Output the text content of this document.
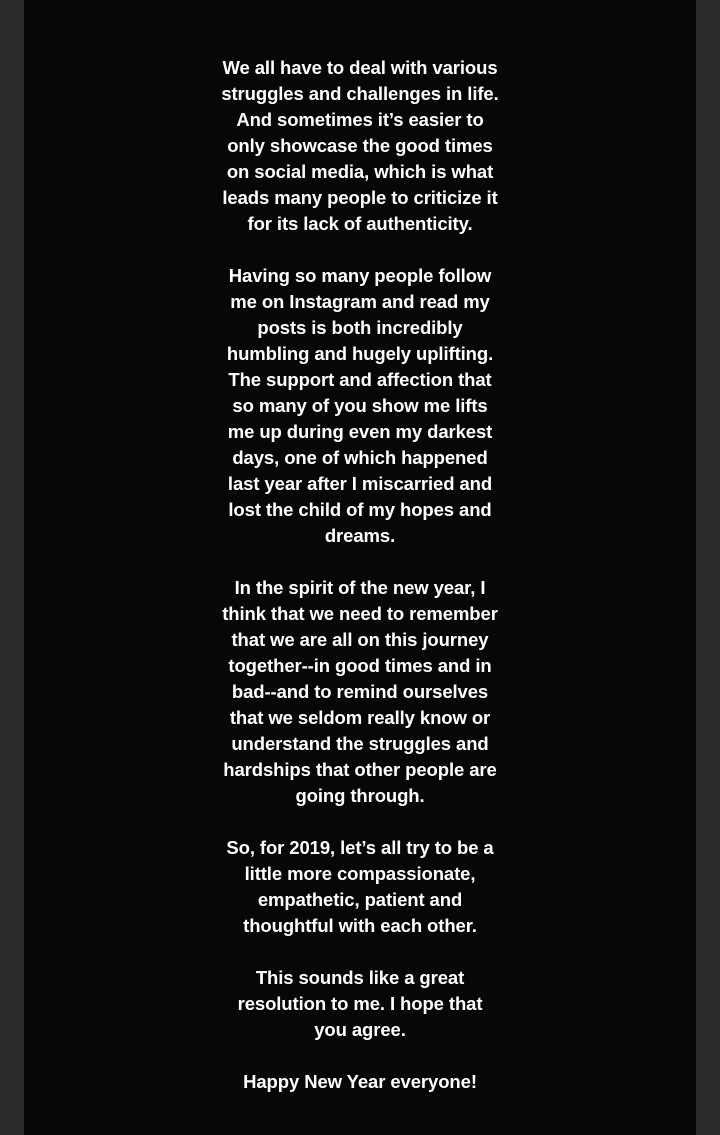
We all have to deal with various
struggles and challenges in life.
And sometimes it’s easier to
only showcase the good times
on social media, which is what
leads many people to criticize it
for its lack of authenticity.

Having so many people follow
me on Instagram and read my
posts is both incredibly
humbling and hugely uplifting.
The support and affection that
so many of you show me lifts
me up during even my darkest
days, one of which happened
last year after I miscarried and
lost the child of my hopes and
dreams.

In the spirit of the new year, I
think that we need to remember
that we are all on this journey
together--in good times and in
bad--and to remind ourselves
that we seldom really know or
understand the struggles and
hardships that other people are
going through.

So, for 2019, let’s all try to be a
little more compassionate,
empathetic, patient and
thoughtful with each other.

This sounds like a great
resolution to me. I hope that
you agree.

Happy New Year everyone!
